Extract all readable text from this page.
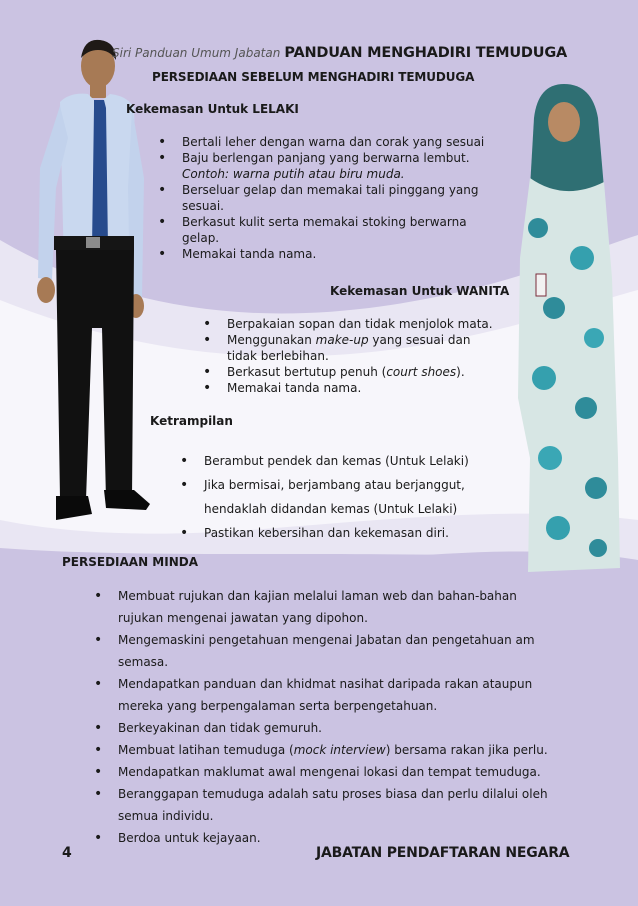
Siri Panduan Umum Jabatan PANDUAN MENGHADIRI TEMUDUGA
PERSEDIAAN SEBELUM MENGHADIRI TEMUDUGA
Kekemasan Untuk LELAKI
• Bertali leher dengan warna dan corak yang sesuai
• Baju berlengan panjang yang berwarna lembut.
Contoh: warna putih atau biru muda.
• Berseluar gelap dan memakai tali pinggang yang
sesuai.
• Berkasut kulit serta memakai stoking berwarna
gelap.
• Memakai tanda nama.
Kekemasan Untuk WANITA
• Berpakaian sopan dan tidak menjolok mata.
• Menggunakan make-up yang sesuai dan
tidak berlebihan.
• Berkasut bertutup penuh (court shoes).
• Memakai tanda nama.
Ketrampilan
• Berambut pendek dan kemas (Untuk Lelaki)
• Jika bermisai, berjambang atau berjanggut,
hendaklah didandan kemas (Untuk Lelaki)
• Pastikan kebersihan dan kekemasan diri.
PERSEDIAAN MINDA
• Membuat rujukan dan kajian melalui laman web dan bahan-bahan
rujukan mengenai jawatan yang dipohon.
• Mengemaskini pengetahuan mengenai Jabatan dan pengetahuan am
semasa.
• Mendapatkan panduan dan khidmat nasihat daripada rakan ataupun
mereka yang berpengalaman serta berpengetahuan.
• Berkeyakinan dan tidak gemuruh.
• Membuat latihan temuduga (mock interview) bersama rakan jika perlu.
• Mendapatkan maklumat awal mengenai lokasi dan tempat temuduga.
• Beranggapan temuduga adalah satu proses biasa dan perlu dilalui oleh
semua individu.
• Berdoa untuk kejayaan.
4	JABATAN PENDAFTARAN NEGARA
